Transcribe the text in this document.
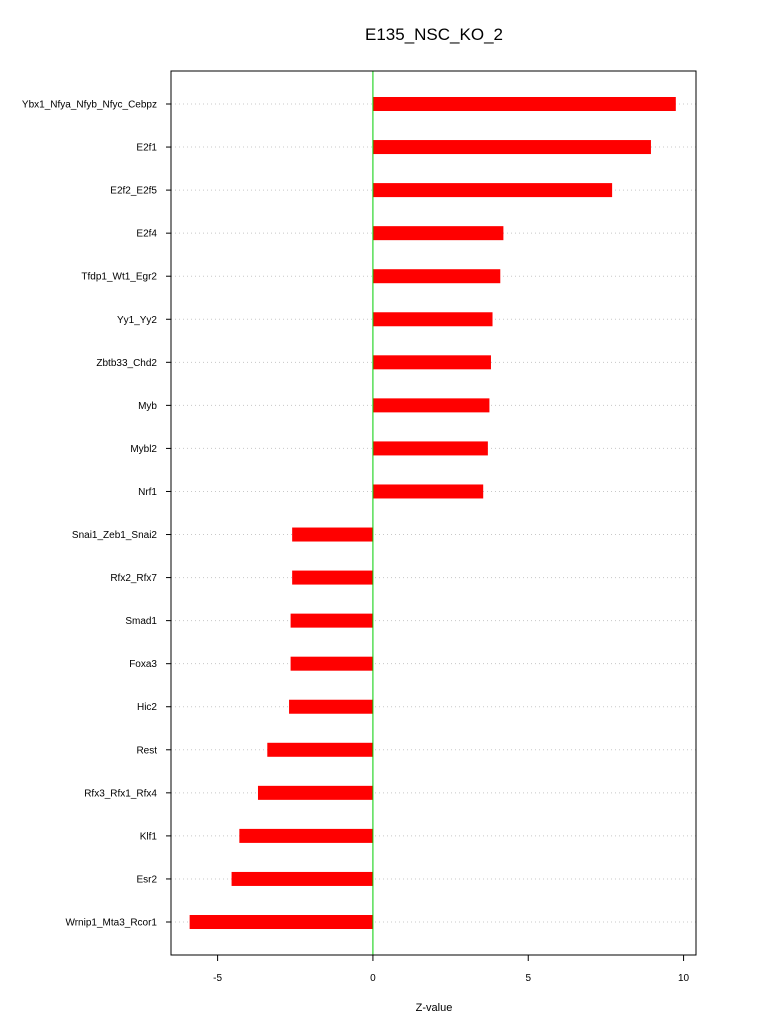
E135_NSC_KO_2
Ybx1_Nfya_Nfyb_Nfyc_Cebpz
E2f1
E2f2_E2f5
E2f4
Tfdp1_Wt1_Egr2
Yy1_Yy2
Zbtb33_Chd2
Myb
Mybl2
Nrf1
Snai1_Zeb1_Snai2
Rfx2_Rfx7
Smad1
Foxa3
Hic2
Rest
Rfx3_Rfx1_Rfx4
Klf1
Esr2
Wrnip1_Mta3_Rcor1
-5	0	5	10
Z-value
